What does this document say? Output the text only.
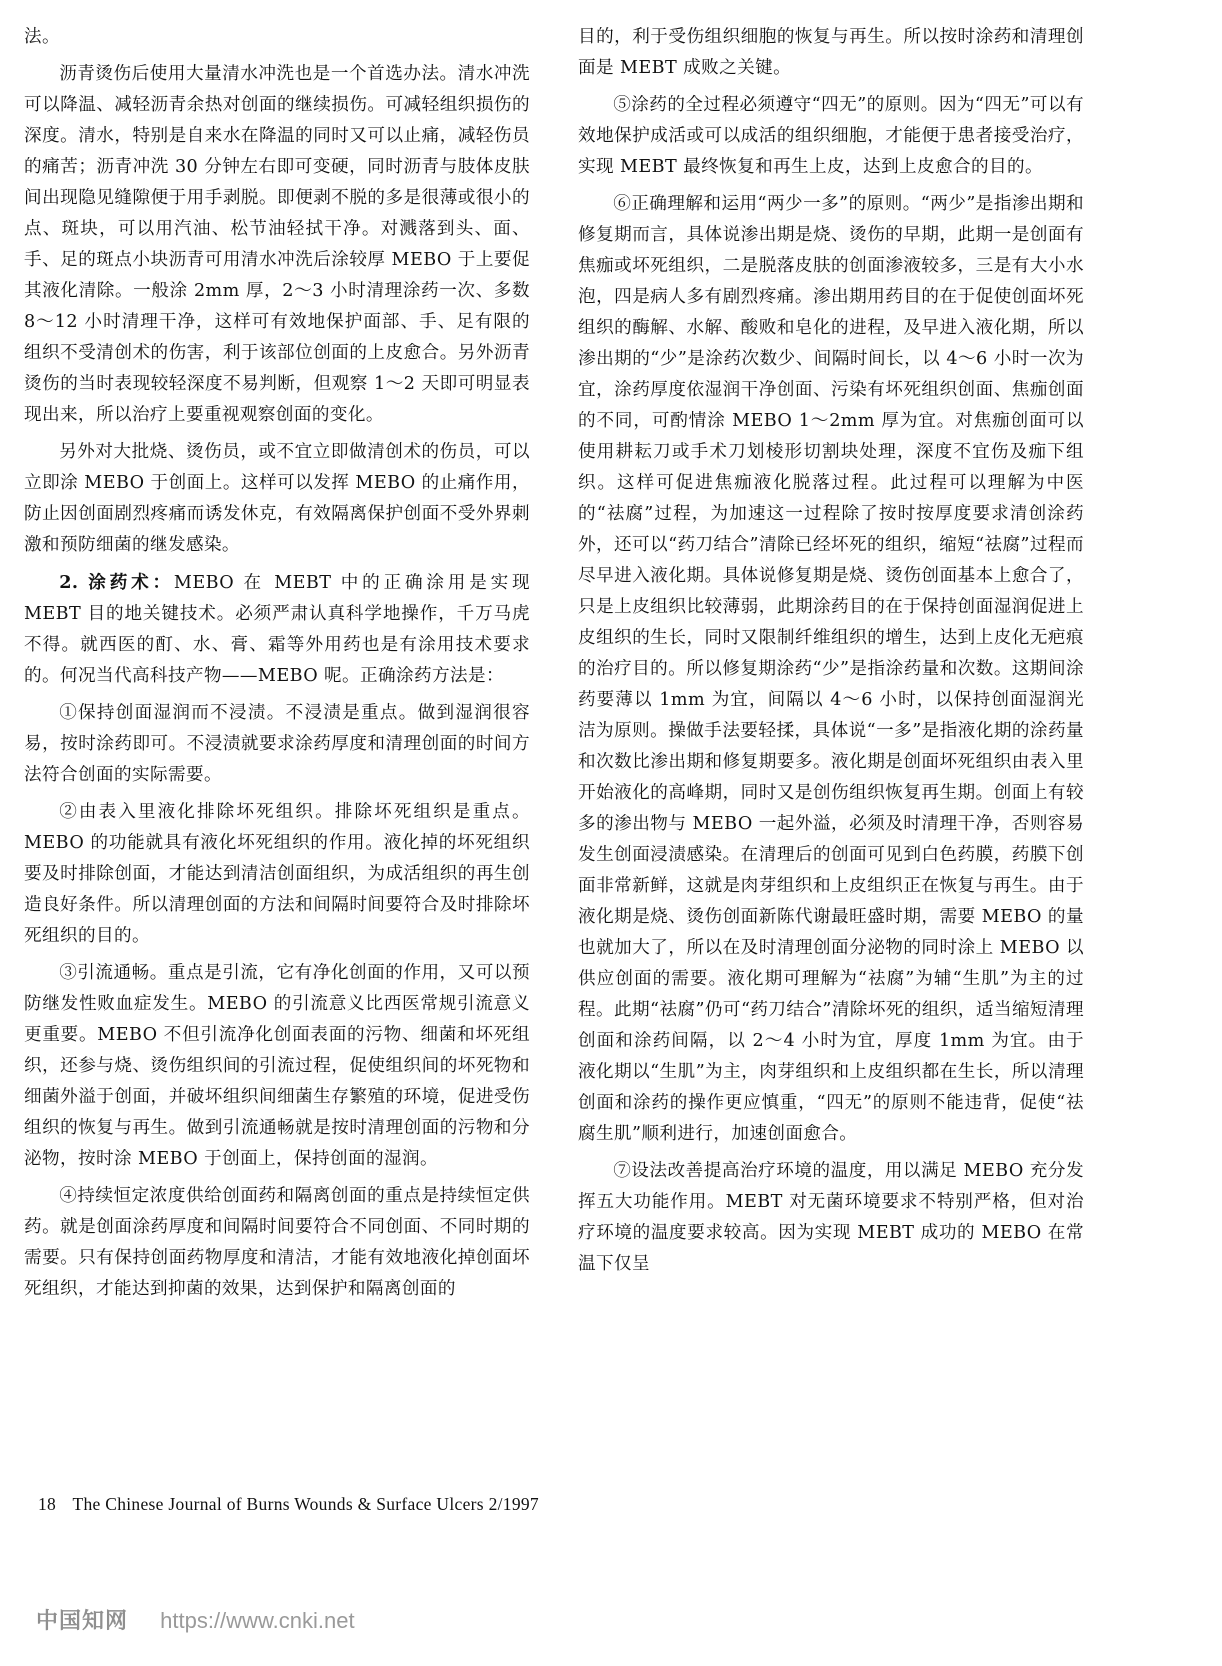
法。

沥青烫伤后使用大量清水冲洗也是一个首选办法。清水冲洗可以降温、减轻沥青余热对创面的继续损伤。可减轻组织损伤的深度。清水，特别是自来水在降温的同时又可以止痛，减轻伤员的痛苦；沥青冲洗 30 分钟左右即可变硬，同时沥青与肢体皮肤间出现隐见缝隙便于用手剥脱。即便剥不脱的多是很薄或很小的点、斑块，可以用汽油、松节油轻拭干净。对溅落到头、面、手、足的斑点小块沥青可用清水冲洗后涂较厚 MEBO 于上要促其液化清除。一般涂 2mm 厚，2～3 小时清理涂药一次、多数 8～12 小时清理干净，这样可有效地保护面部、手、足有限的组织不受清创术的伤害，利于该部位创面的上皮愈合。另外沥青烫伤的当时表现较轻深度不易判断，但观察 1～2 天即可明显表现出来，所以治疗上要重视观察创面的变化。

另外对大批烧、烫伤员，或不宜立即做清创术的伤员，可以立即涂 MEBO 于创面上。这样可以发挥 MEBO 的止痛作用，防止因创面剧烈疼痛而诱发休克，有效隔离保护创面不受外界刺激和预防细菌的继发感染。

2. 涂药术：MEBO 在 MEBT 中的正确涂用是实现 MEBT 目的地关键技术。必须严肃认真科学地操作，千万马虎不得。就西医的酊、水、膏、霜等外用药也是有涂用技术要求的。何况当代高科技产物——MEBO 呢。正确涂药方法是：

①保持创面湿润而不浸渍。不浸渍是重点。做到湿润很容易，按时涂药即可。不浸渍就要求涂药厚度和清理创面的时间方法符合创面的实际需要。

②由表入里液化排除坏死组织。排除坏死组织是重点。MEBO 的功能就具有液化坏死组织的作用。液化掉的坏死组织要及时排除创面，才能达到清洁创面组织，为成活组织的再生创造良好条件。所以清理创面的方法和间隔时间要符合及时排除坏死组织的目的。

③引流通畅。重点是引流，它有净化创面的作用，又可以预防继发性败血症发生。MEBO 的引流意义比西医常规引流意义更重要。MEBO 不但引流净化创面表面的污物、细菌和坏死组织，还参与烧、烫伤组织间的引流过程，促使组织间的坏死物和细菌外溢于创面，并破坏组织间细菌生存繁殖的环境，促进受伤组织的恢复与再生。做到引流通畅就是按时清理创面的污物和分泌物，按时涂 MEBO 于创面上，保持创面的湿润。

④持续恒定浓度供给创面药和隔离创面的重点是持续恒定供药。就是创面涂药厚度和间隔时间要符合不同创面、不同时期的需要。只有保持创面药物厚度和清洁，才能有效地液化掉创面坏死组织，才能达到抑菌的效果，达到保护和隔离创面的

目的，利于受伤组织细胞的恢复与再生。所以按时涂药和清理创面是 MEBT 成败之关键。

⑤涂药的全过程必须遵守“四无”的原则。因为“四无”可以有效地保护成活或可以成活的组织细胞，才能便于患者接受治疗，实现 MEBT 最终恢复和再生上皮，达到上皮愈合的目的。

⑥正确理解和运用“两少一多”的原则。“两少”是指渗出期和修复期而言，具体说渗出期是烧、烫伤的早期，此期一是创面有焦痂或坏死组织，二是脱落皮肤的创面渗液较多，三是有大小水泡，四是病人多有剧烈疼痛。渗出期用药目的在于促使创面坏死组织的酶解、水解、酸败和皂化的进程，及早进入液化期，所以渗出期的“少”是涂药次数少、间隔时间长，以 4～6 小时一次为宜，涂药厚度依湿润干净创面、污染有坏死组织创面、焦痂创面的不同，可酌情涂 MEBO 1～2mm 厚为宜。对焦痂创面可以使用耕耘刀或手术刀划棱形切割块处理，深度不宜伤及痂下组织。这样可促进焦痂液化脱落过程。此过程可以理解为中医的“祛腐”过程，为加速这一过程除了按时按厚度要求清创涂药外，还可以“药刀结合”清除已经坏死的组织，缩短“祛腐”过程而尽早进入液化期。具体说修复期是烧、烫伤创面基本上愈合了，只是上皮组织比较薄弱，此期涂药目的在于保持创面湿润促进上皮组织的生长，同时又限制纤维组织的增生，达到上皮化无疤痕的治疗目的。所以修复期涂药“少”是指涂药量和次数。这期间涂药要薄以 1mm 为宜，间隔以 4～6 小时，以保持创面湿润光洁为原则。操做手法要轻揉，具体说“一多”是指液化期的涂药量和次数比渗出期和修复期要多。液化期是创面坏死组织由表入里开始液化的高峰期，同时又是创伤组织恢复再生期。创面上有较多的渗出物与 MEBO 一起外溢，必须及时清理干净，否则容易发生创面浸渍感染。在清理后的创面可见到白色药膜，药膜下创面非常新鲜，这就是肉芽组织和上皮组织正在恢复与再生。由于液化期是烧、烫伤创面新陈代谢最旺盛时期，需要 MEBO 的量也就加大了，所以在及时清理创面分泌物的同时涂上 MEBO 以供应创面的需要。液化期可理解为“祛腐”为辅“生肌”为主的过程。此期“祛腐”仍可“药刀结合”清除坏死的组织，适当缩短清理创面和涂药间隔，以 2～4 小时为宜，厚度 1mm 为宜。由于液化期以“生肌”为主，肉芽组织和上皮组织都在生长，所以清理创面和涂药的操作更应慎重，“四无”的原则不能违背，促使“祛腐生肌”顺利进行，加速创面愈合。

⑦设法改善提高治疗环境的温度，用以满足 MEBO 充分发挥五大功能作用。MEBT 对无菌环境要求不特别严格，但对治疗环境的温度要求较高。因为实现 MEBT 成功的 MEBO 在常温下仅呈

18 The Chinese Journal of Burns Wounds & Surface Ulcers 2/1997
中国知网 https://www.cnki.net
